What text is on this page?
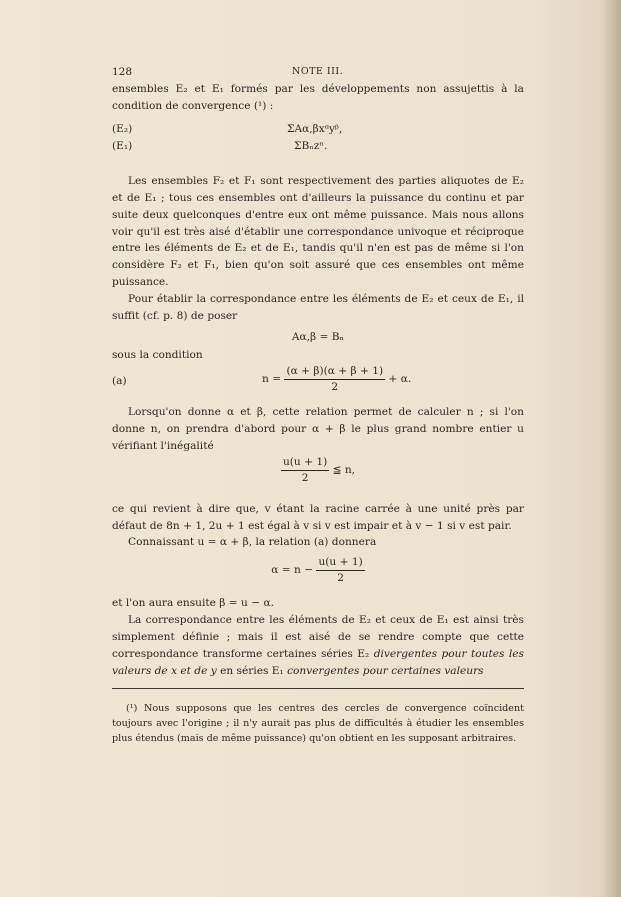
128	NOTE III.

ensembles E₂ et E₁ formés par les développements non assujettis à la condition de convergence (¹) :

(E₂)	ΣAα,βxᵅyᵝ,
(E₁)	ΣBₙzⁿ.

Les ensembles F₂ et F₁ sont respectivement des parties aliquotes de E₂ et de E₁ ; tous ces ensembles ont d'ailleurs la puissance du continu et par suite deux quelconques d'entre eux ont même puissance. Mais nous allons voir qu'il est très aisé d'établir une correspondance univoque et réciproque entre les éléments de E₂ et de E₁, tandis qu'il n'en est pas de même si l'on considère F₂ et F₁, bien qu'on soit assuré que ces ensembles ont même puissance.

Pour établir la correspondance entre les éléments de E₂ et ceux de E₁, il suffit (cf. p. 8) de poser

Aα,β = Bₙ

sous la condition

(a)	$n = \frac{(\alpha + \beta)(\alpha + \beta + 1)}{2} + \alpha$.

Lorsqu'on donne α et β, cette relation permet de calculer n ; si l'on donne n, on prendra d'abord pour α + β le plus grand nombre entier u vérifiant l'inégalité

$\frac{u(u + 1)}{2}$ ≦ n,

ce qui revient à dire que, v étant la racine carrée à une unité près par défaut de 8n + 1, 2u + 1 est égal à v si v est impair et à v − 1 si v est pair.

Connaissant u = α + β, la relation (a) donnera

$\alpha = n - \frac{u(u + 1)}{2}$

et l'on aura ensuite β = u − α.

La correspondance entre les éléments de E₂ et ceux de E₁ est ainsi très simplement définie ; mais il est aisé de se rendre compte que cette correspondance transforme certaines séries E₂ divergentes pour toutes les valeurs de x et de y en séries E₁ convergentes pour certaines valeurs

(¹) Nous supposons que les centres des cercles de convergence coïncident toujours avec l'origine ; il n'y aurait pas plus de difficultés à étudier les ensembles plus étendus (mais de même puissance) qu'on obtient en les supposant arbitraires.
